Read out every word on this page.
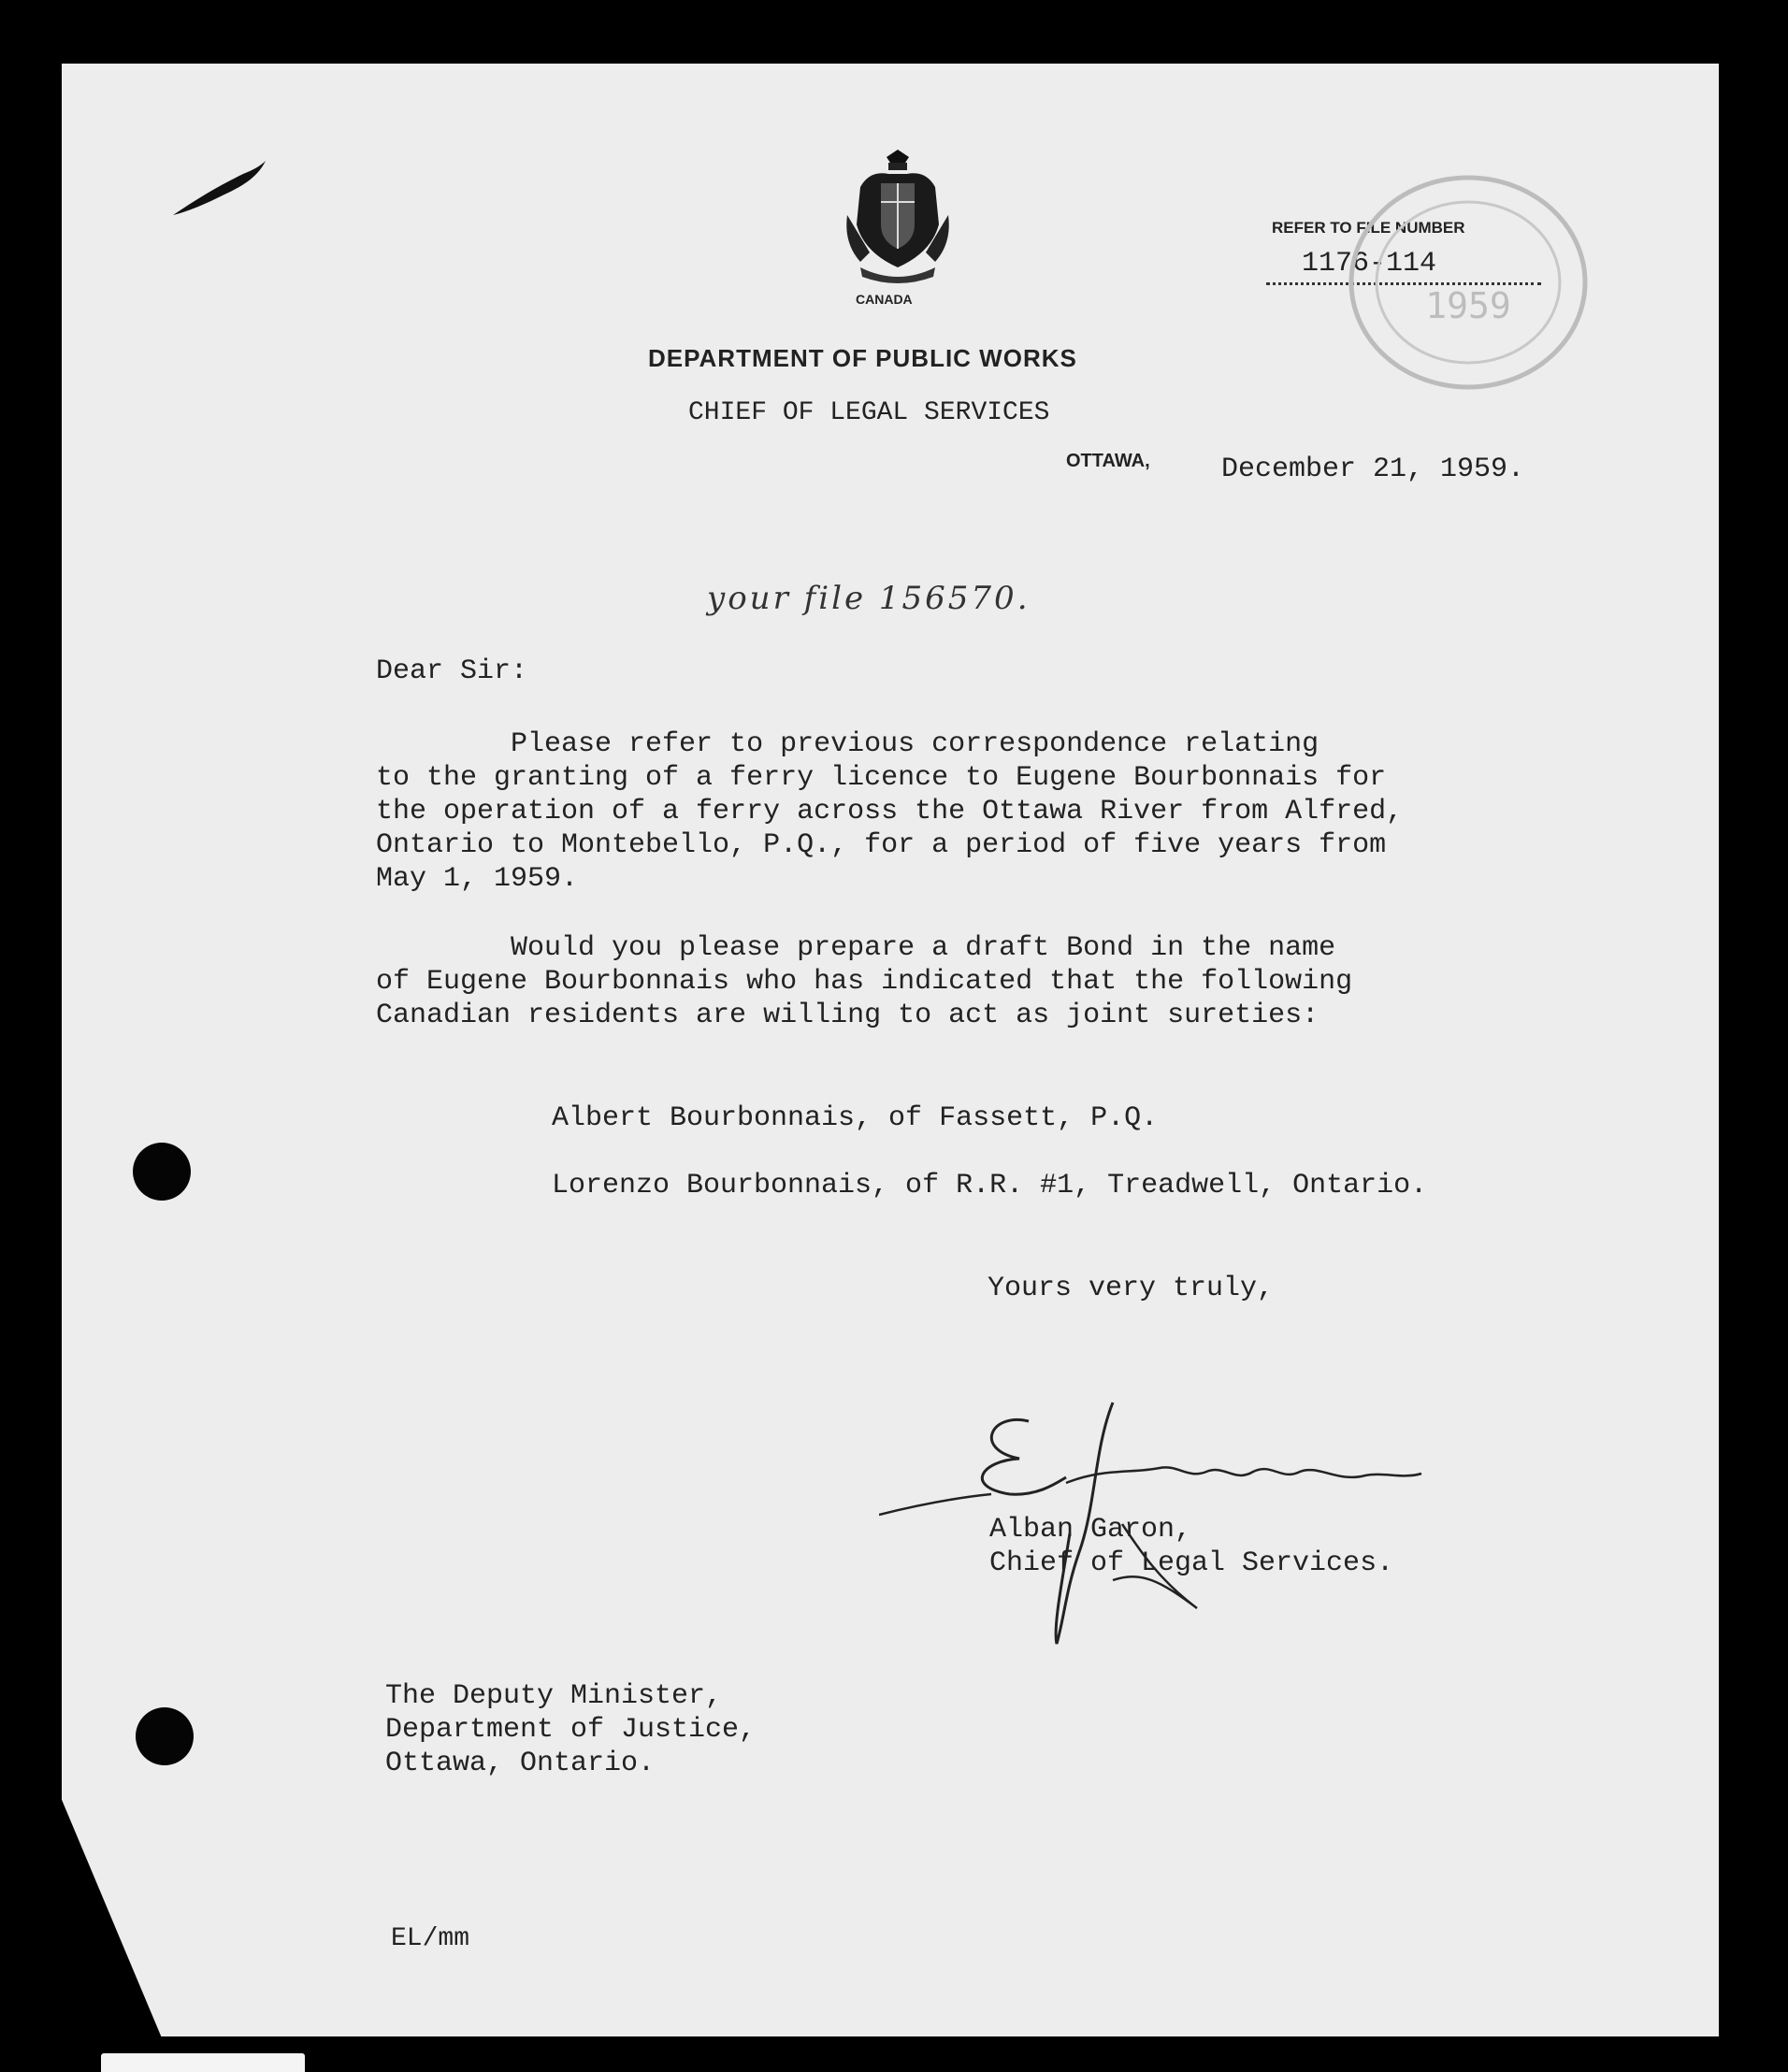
CANADA
DEPARTMENT OF PUBLIC WORKS
CHIEF OF LEGAL SERVICES
REFER TO FILE NUMBER
1176-114
1959
OTTAWA,	December 21, 1959.
your file 156570.
Dear Sir:
Please refer to previous correspondence relating
to the granting of a ferry licence to Eugene Bourbonnais for
the operation of a ferry across the Ottawa River from Alfred,
Ontario to Montebello, P.Q., for a period of five years from
May 1, 1959.
Would you please prepare a draft Bond in the name
of Eugene Bourbonnais who has indicated that the following
Canadian residents are willing to act as joint sureties:
Albert Bourbonnais, of Fassett, P.Q.
Lorenzo Bourbonnais, of R.R. #1, Treadwell, Ontario.
Yours very truly,
Alban Garon,
Chief of Legal Services.
The Deputy Minister,
Department of Justice,
Ottawa, Ontario.
EL/mm
